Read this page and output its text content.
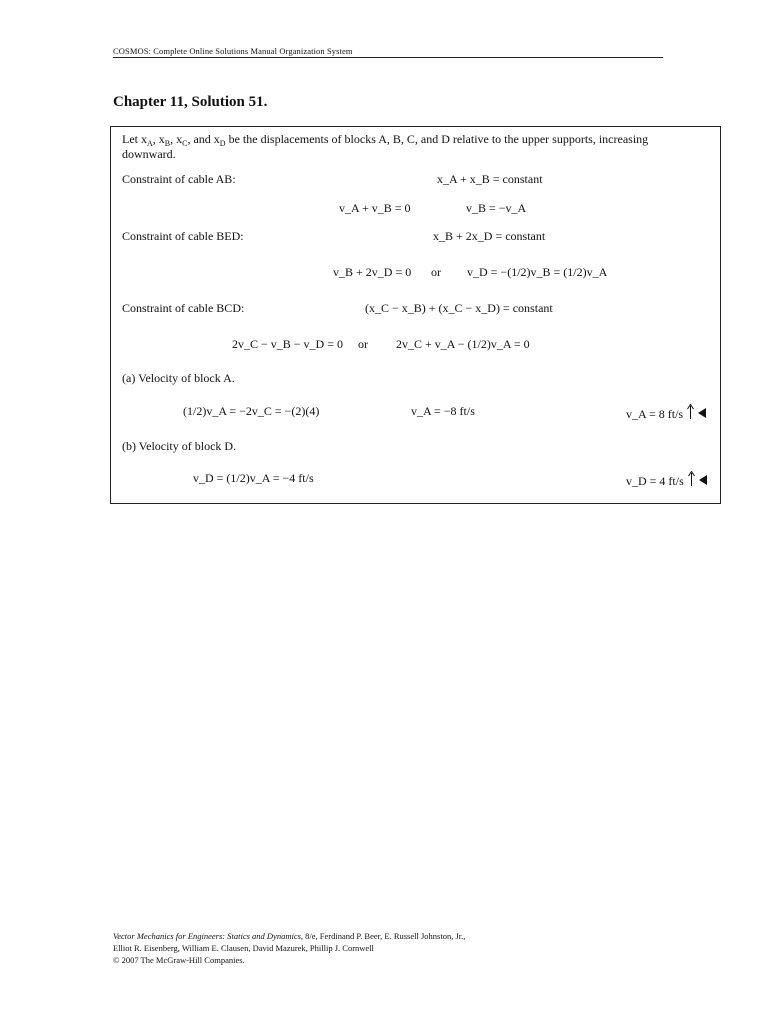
COSMOS: Complete Online Solutions Manual Organization System
Chapter 11, Solution 51.
Let $x_A$, $x_B$, $x_C$, and $x_D$ be the displacements of blocks A, B, C, and D relative to the upper supports, increasing
downward.
Constraint of cable AB:	x_A + x_B = constant
v_A + v_B = 0	v_B = −v_A
Constraint of cable BED:	x_B + 2x_D = constant
v_B + 2v_D = 0 or v_D = −(1/2)v_B = (1/2)v_A
Constraint of cable BCD:	(x_C − x_B) + (x_C − x_D) = constant
2v_C − v_B − v_D = 0 or 2v_C + v_A − (1/2)v_A = 0
(a) Velocity of block A.
(1/2)v_A = −2v_C = −(2)(4)	v_A = −8 ft/s	v_A = 8 ft/s
(b) Velocity of block D.
v_D = (1/2)v_A = −4 ft/s	v_D = 4 ft/s
Vector Mechanics for Engineers: Statics and Dynamics, 8/e, Ferdinand P. Beer, E. Russell Johnston, Jr.,
Elliot R. Eisenberg, William E. Clausen, David Mazurek, Phillip J. Cornwell
© 2007 The McGraw-Hill Companies.
